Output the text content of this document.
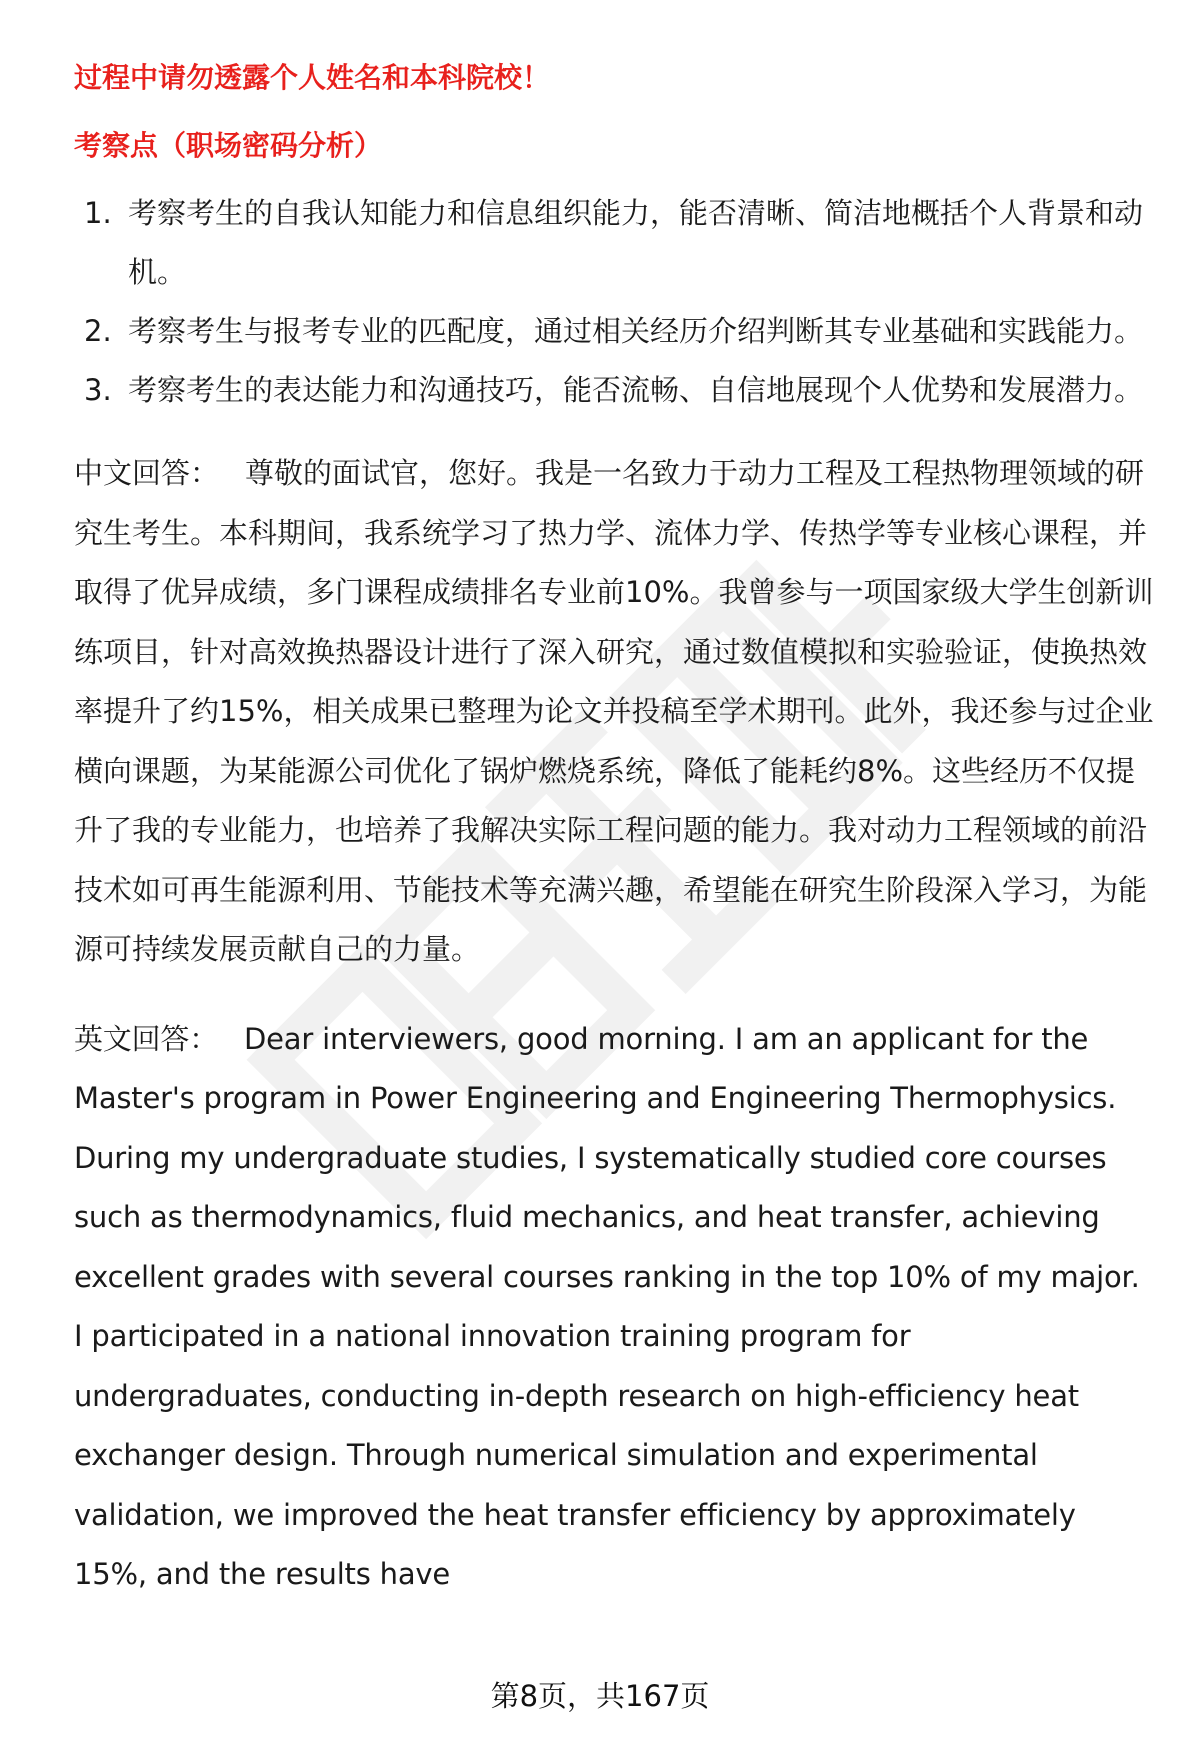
过程中请勿透露个人姓名和本科院校！

考察点（职场密码分析）

1. 考察考生的自我认知能力和信息组织能力，能否清晰、简洁地概括个人背景和动机。
2. 考察考生与报考专业的匹配度，通过相关经历介绍判断其专业基础和实践能力。
3. 考察考生的表达能力和沟通技巧，能否流畅、自信地展现个人优势和发展潜力。

中文回答： 尊敬的面试官，您好。我是一名致力于动力工程及工程热物理领域的研究生考生。本科期间，我系统学习了热力学、流体力学、传热学等专业核心课程，并取得了优异成绩，多门课程成绩排名专业前10%。我曾参与一项国家级大学生创新训练项目，针对高效换热器设计进行了深入研究，通过数值模拟和实验验证，使换热效率提升了约15%，相关成果已整理为论文并投稿至学术期刊。此外，我还参与过企业横向课题，为某能源公司优化了锅炉燃烧系统，降低了能耗约8%。这些经历不仅提升了我的专业能力，也培养了我解决实际工程问题的能力。我对动力工程领域的前沿技术如可再生能源利用、节能技术等充满兴趣，希望能在研究生阶段深入学习，为能源可持续发展贡献自己的力量。

英文回答： Dear interviewers, good morning. I am an applicant for the Master's program in Power Engineering and Engineering Thermophysics. During my undergraduate studies, I systematically studied core courses such as thermodynamics, fluid mechanics, and heat transfer, achieving excellent grades with several courses ranking in the top 10% of my major. I participated in a national innovation training program for undergraduates, conducting in-depth research on high-efficiency heat exchanger design. Through numerical simulation and experimental validation, we improved the heat transfer efficiency by approximately 15%, and the results have

第8页，共167页
